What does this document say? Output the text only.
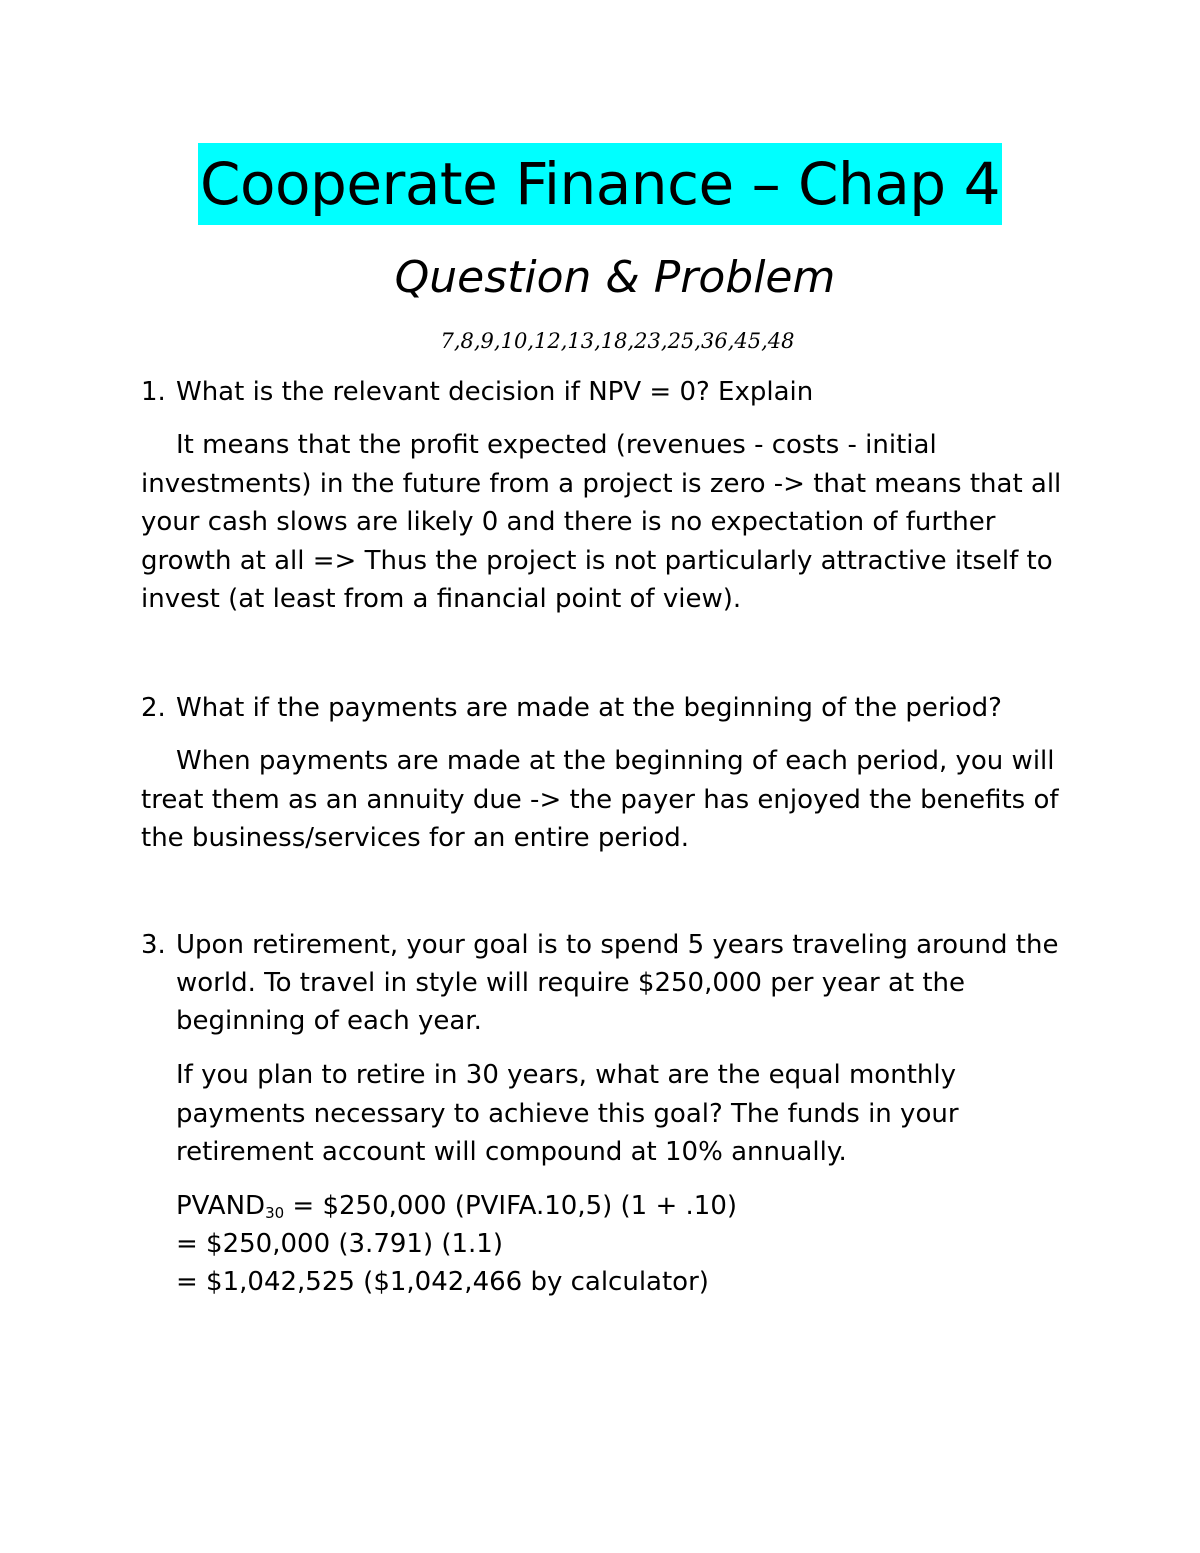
Cooperate Finance – Chap 4
Question & Problem
7,8,9,10,12,13,18,23,25,36,45,48
1. What is the relevant decision if NPV = 0? Explain
It means that the profit expected (revenues - costs - initial investments) in the future from a project is zero -> that means that all your cash slows are likely 0 and there is no expectation of further growth at all => Thus the project is not particularly attractive itself to invest (at least from a financial point of view).
2. What if the payments are made at the beginning of the period?
When payments are made at the beginning of each period, you will treat them as an annuity due -> the payer has enjoyed the benefits of the business/services for an entire period.
3. Upon retirement, your goal is to spend 5 years traveling around the world. To travel in style will require $250,000 per year at the beginning of each year.
If you plan to retire in 30 years, what are the equal monthly payments necessary to achieve this goal? The funds in your retirement account will compound at 10% annually.
$PVAND_{30}$ = $250,000 (PVIFA.10,5) (1 + .10)
= $250,000 (3.791) (1.1)
= $1,042,525 ($1,042,466 by calculator)
